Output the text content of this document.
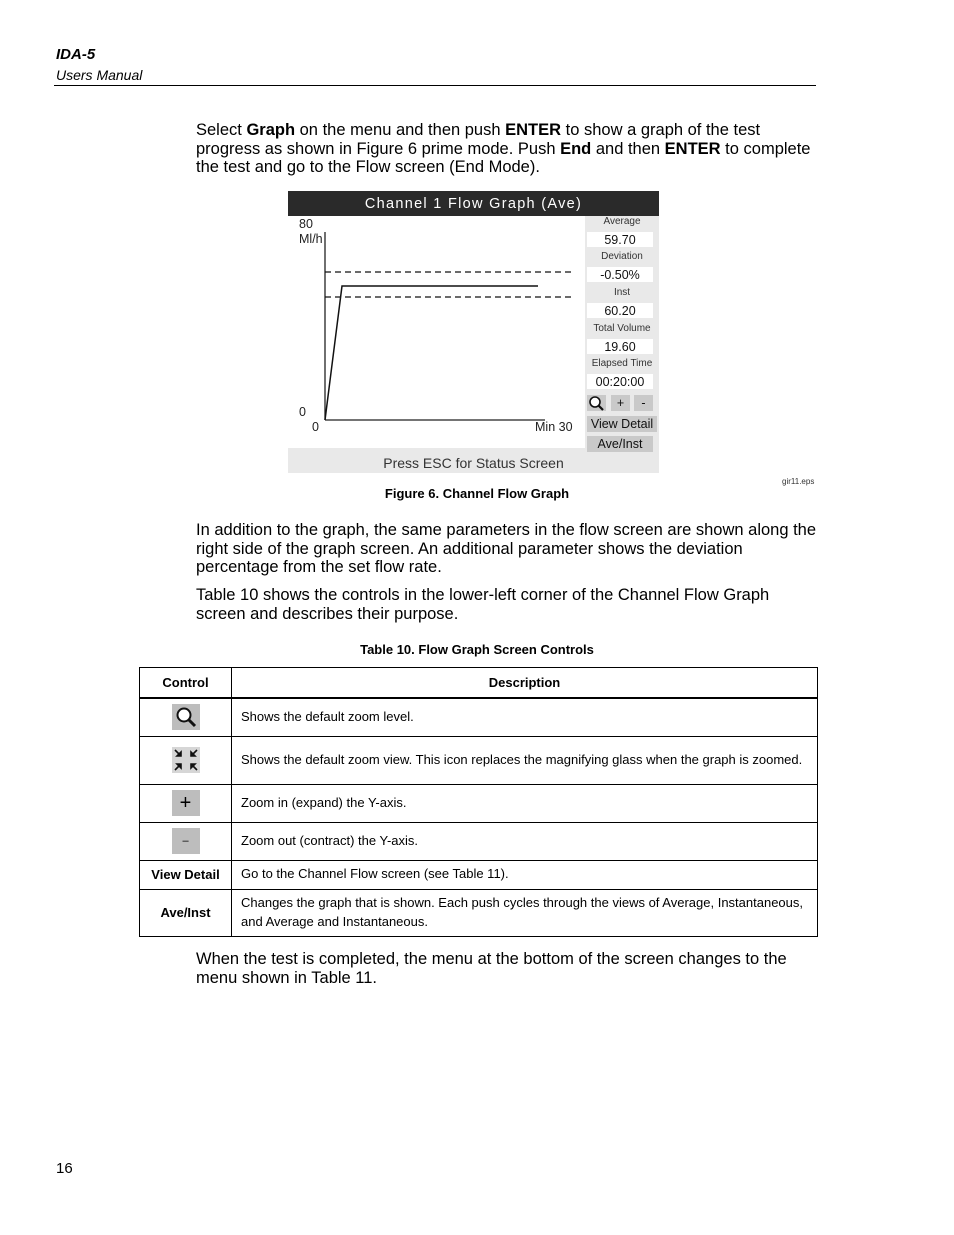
IDA-5
Users Manual
Select Graph on the menu and then push ENTER to show a graph of the test progress as shown in Figure 6 prime mode. Push End and then ENTER to complete the test and go to the Flow screen (End Mode).
Channel 1 Flow Graph (Ave)
80
Ml/h
0
0	Min 30
Average
59.70
Deviation
-0.50%
Inst
60.20
Total Volume
19.60
Elapsed Time
00:20:00
+	-
View Detail
Ave/Inst
Press ESC for Status Screen
gir11.eps
Figure 6. Channel Flow Graph
In addition to the graph, the same parameters in the flow screen are shown along the right side of the graph screen. An additional parameter shows the deviation percentage from the set flow rate.
Table 10 shows the controls in the lower-left corner of the Channel Flow Graph screen and describes their purpose.
Table 10. Flow Graph Screen Controls
Control	Description

	Shows the default zoom level.

	Shows the default zoom view. This icon replaces the magnifying glass when the graph is zoomed.
+	Zoom in (expand) the Y-axis.
–	Zoom out (contract) the Y-axis.
View Detail	Go to the Channel Flow screen (see Table 11).
Ave/Inst	Changes the graph that is shown. Each push cycles through the views of Average, Instantaneous, and Average and Instantaneous.
When the test is completed, the menu at the bottom of the screen changes to the menu shown in Table 11.
16
